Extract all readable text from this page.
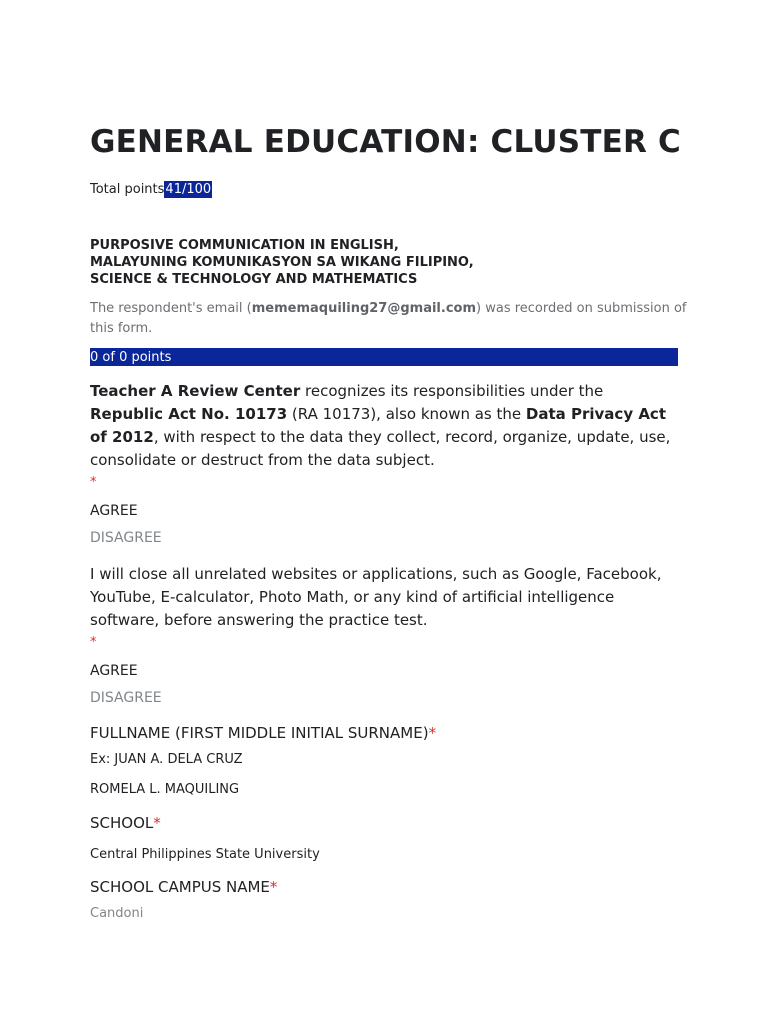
GENERAL EDUCATION: CLUSTER C
Total points41/100
PURPOSIVE COMMUNICATION IN ENGLISH,
MALAYUNING KOMUNIKASYON SA WIKANG FILIPINO,
SCIENCE & TECHNOLOGY AND MATHEMATICS
The respondent's email (mememaquiling27@gmail.com) was recorded on submission of this form.
0 of 0 points
Teacher A Review Center recognizes its responsibilities under the Republic Act No. 10173 (RA 10173), also known as the Data Privacy Act of 2012, with respect to the data they collect, record, organize, update, use, consolidate or destruct from the data subject.
*
AGREE
DISAGREE
I will close all unrelated websites or applications, such as Google, Facebook, YouTube, E-calculator, Photo Math, or any kind of artificial intelligence software, before answering the practice test.
*
AGREE
DISAGREE
FULLNAME (FIRST MIDDLE INITIAL SURNAME)*
Ex: JUAN A. DELA CRUZ
ROMELA L. MAQUILING
SCHOOL*
Central Philippines State University
SCHOOL CAMPUS NAME*
Candoni
